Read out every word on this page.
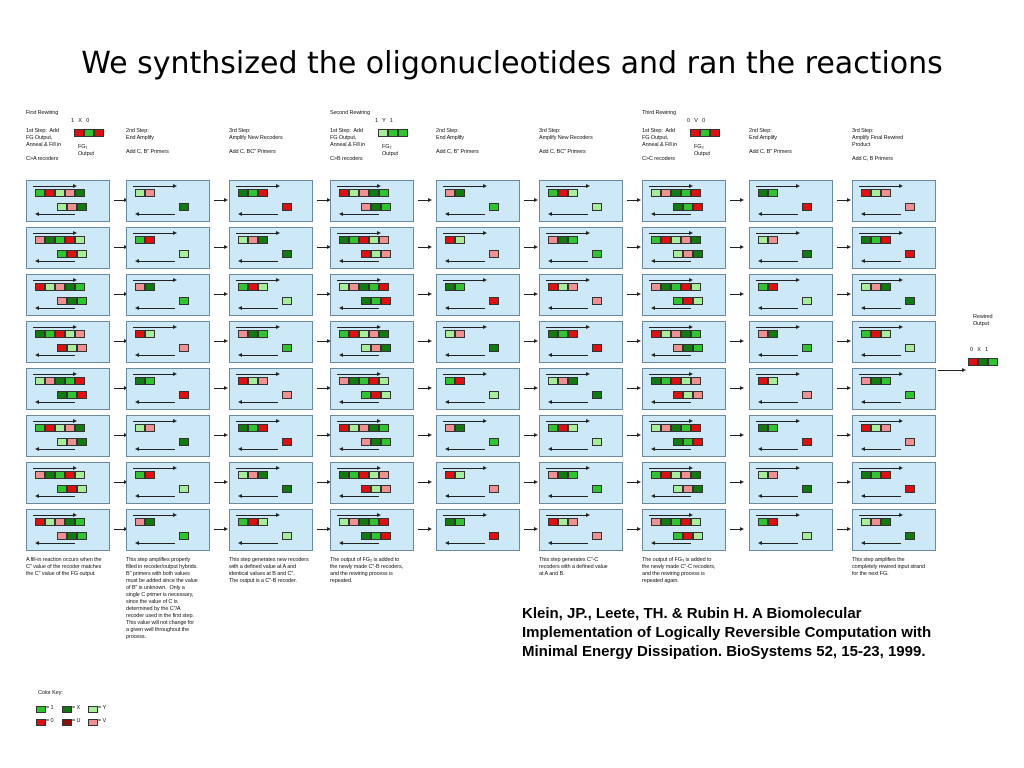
We synthsized the oligonucleotides and ran the reactions
First Rewiring
1   X   0
FG₁
Output
Second Rewiring
1   Y   1
FG₂
Output
Third Rewiring
0   V   0
FG₃
Output
1st Step:  Add
FG Output,
Anneal & Fill in

C>A recoders
2nd Step:
End Amplify

Add C, B″ Primers
3rd Step:
Amplify New Recoders

Add C, BC″ Primers
1st Step:  Add
FG Output,
Anneal & Fill in

C>B recoders
2nd Step:
End Amplify

Add C, B″ Primers
3rd Step:
Amplify New Recoders

Add C, BC″ Primers
1st Step:  Add
FG Output,
Anneal & Fill in

C>C recoders
2nd Step:
End Amplify

Add C, B″ Primers
3rd Step:
Amplify Final Rewired
Product

Add C, B Primers
A fill-in reaction occurs when the
C″ value of the recoder matches
the C″ value of the FG output.
This step amplifies properly
filled in recoder/output hybrids.
B″ primers with both values
must be added since the value
of B″ is unknown.  Only a
single C primer is necessary,
since the value of C is
determined by the C″/A
recoder used in the first step.
This value will not change for
a given well throughout the
process.
This step generates new recoders
with a defined value at A and
identical values at B and C″.
The output is a C″-B recoder.
The output of FG₂ is added to
the newly made C″-B recoders,
and the rewiring process is
repeated.
This step generates C″-C
recoders with a defined value
at A and B.
The output of FG₃ is added to
the newly made C″-C recoders,
and the rewiring process is
repeated again.
This step amplifies the
completely rewired input strand
for the next FG.
Rewired
Output
0   X   1
Klein, JP., Leete, TH. & Rubin H. A Biomolecular Implementation of Logically Reversible Computation with Minimal Energy Dissipation. BioSystems 52, 15-23, 1999.
Color Key:
= 1	= X	= Y
= 0	= U	= V
